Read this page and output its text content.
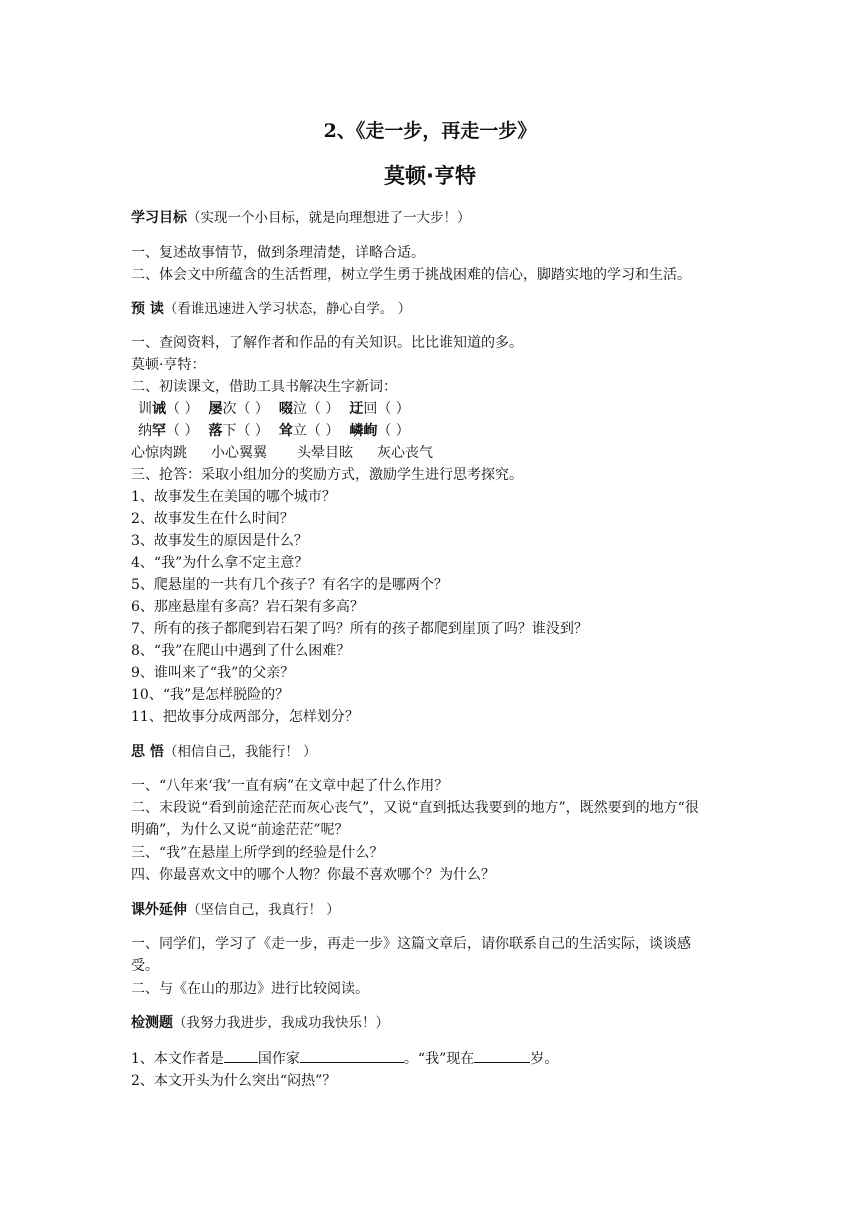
2、《走一步，再走一步》
莫顿·亨特
学习目标（实现一个小目标，就是向理想进了一大步！）
一、复述故事情节，做到条理清楚，详略合适。
二、体会文中所蕴含的生活哲理，树立学生勇于挑战困难的信心，脚踏实地的学习和生活。
预 读（看谁迅速进入学习状态，静心自学。 ）
一、查阅资料，了解作者和作品的有关知识。比比谁知道的多。
莫顿·亨特：
二、初读课文，借助工具书解决生字新词：
训诫（ ） 屡次（ ） 啜泣（ ） 迂回（ ）
纳罕（ ） 落下（ ） 耸立（ ） 嶙峋（ ）
心惊肉跳 小心翼翼 头晕目眩 灰心丧气
三、抢答：采取小组加分的奖励方式，激励学生进行思考探究。
1、故事发生在美国的哪个城市？
2、故事发生在什么时间？
3、故事发生的原因是什么？
4、“我”为什么拿不定主意？
5、爬悬崖的一共有几个孩子？有名字的是哪两个？
6、那座悬崖有多高？岩石架有多高？
7、所有的孩子都爬到岩石架了吗？所有的孩子都爬到崖顶了吗？谁没到？
8、“我”在爬山中遇到了什么困难？
9、谁叫来了“我”的父亲？
10、“我”是怎样脱险的？
11、把故事分成两部分，怎样划分？
思 悟（相信自己，我能行！ ）
一、“八年来‘我’一直有病”在文章中起了什么作用？
二、末段说“看到前途茫茫而灰心丧气”，又说“直到抵达我要到的地方”，既然要到的地方“很
明确”，为什么又说“前途茫茫”呢？
三、“我”在悬崖上所学到的经验是什么？
四、你最喜欢文中的哪个人物？你最不喜欢哪个？为什么？
课外延伸（坚信自己，我真行！ ）
一、同学们，学习了《走一步，再走一步》这篇文章后，请你联系自己的生活实际，谈谈感
受。
二、与《在山的那边》进行比较阅读。
检测题（我努力我进步，我成功我快乐！）
1、本文作者是 国作家	。“我”现在	岁。
2、本文开头为什么突出“闷热”？
